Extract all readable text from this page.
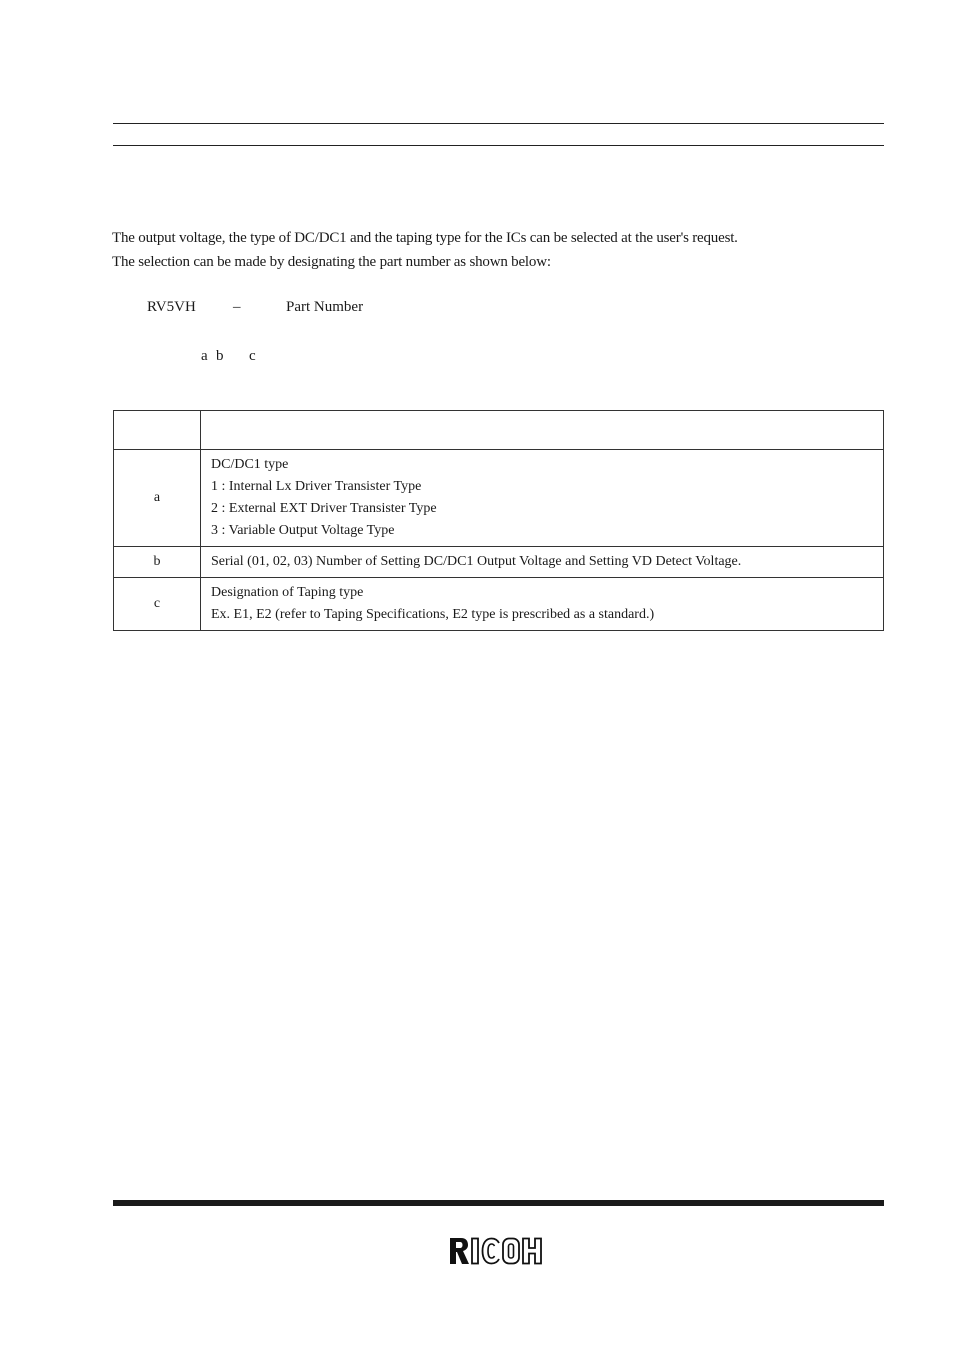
The output voltage, the type of DC/DC1 and the taping type for the ICs can be selected at the user's request.

The selection can be made by designating the part number as shown below:

RV5VH –	Part Number
a b c

a	DC/DC1 type
1 : Internal Lx Driver Transister Type
2 : External EXT Driver Transister Type
3 : Variable Output Voltage Type

b	Serial (01, 02, 03) Number of Setting DC/DC1 Output Voltage and Setting VD Detect Voltage.

c	Designation of Taping type
Ex. E1, E2 (refer to Taping Specifications, E2 type is prescribed as a standard.)
